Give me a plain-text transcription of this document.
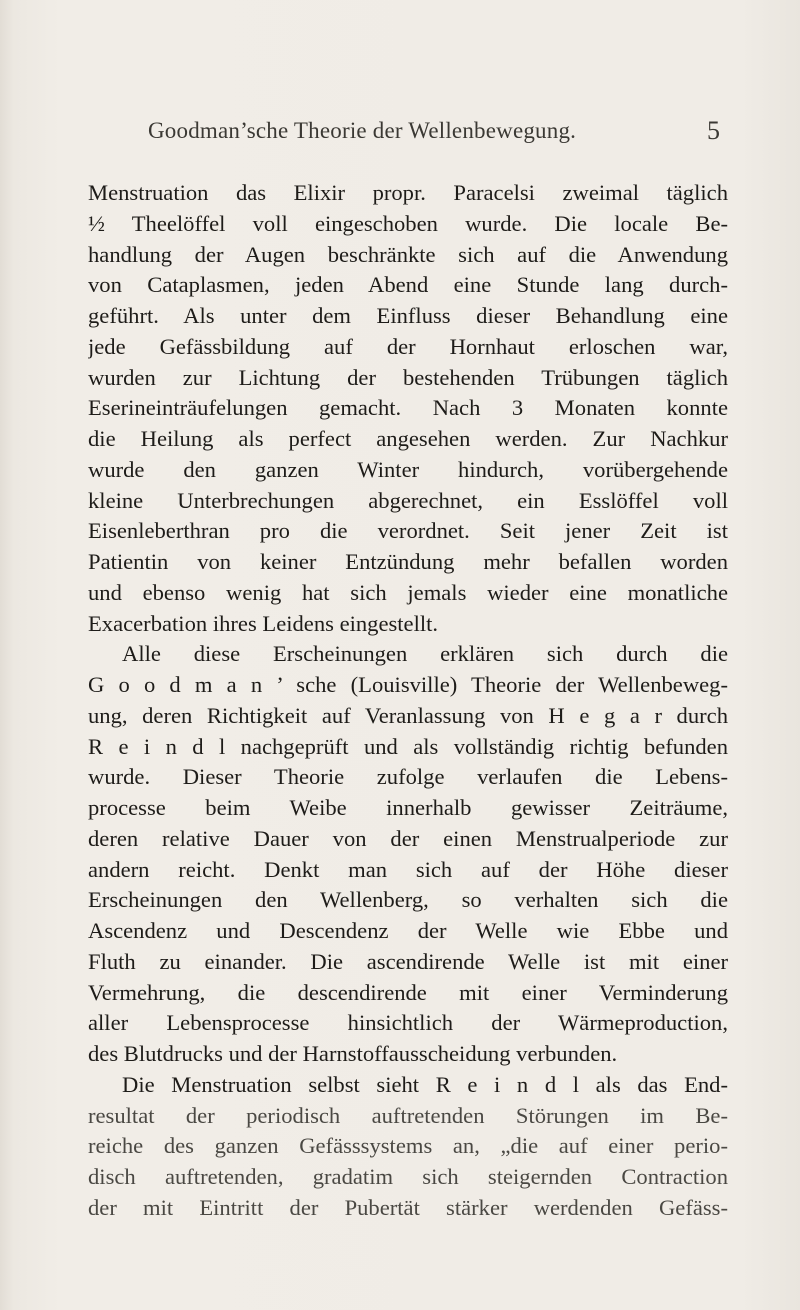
Goodman’sche Theorie der Wellenbewegung.	5
Menstruation das Elixir propr. Paracelsi zweimal täglich
½ Theelöffel voll eingeschoben wurde. Die locale Be-
handlung der Augen beschränkte sich auf die Anwendung
von Cataplasmen, jeden Abend eine Stunde lang durch-
geführt. Als unter dem Einfluss dieser Behandlung eine
jede Gefässbildung auf der Hornhaut erloschen war,
wurden zur Lichtung der bestehenden Trübungen täglich
Eserineinträufelungen gemacht. Nach 3 Monaten konnte
die Heilung als perfect angesehen werden. Zur Nachkur
wurde den ganzen Winter hindurch, vorübergehende
kleine Unterbrechungen abgerechnet, ein Esslöffel voll
Eisenleberthran pro die verordnet. Seit jener Zeit ist
Patientin von keiner Entzündung mehr befallen worden
und ebenso wenig hat sich jemals wieder eine monatliche
Exacerbation ihres Leidens eingestellt.
Alle diese Erscheinungen erklären sich durch die
G o o d m a n ’ sche (Louisville) Theorie der Wellenbeweg-
ung, deren Richtigkeit auf Veranlassung von H e g a r durch
R e i n d l nachgeprüft und als vollständig richtig befunden
wurde. Dieser Theorie zufolge verlaufen die Lebens-
processe beim Weibe innerhalb gewisser Zeiträume,
deren relative Dauer von der einen Menstrualperiode zur
andern reicht. Denkt man sich auf der Höhe dieser
Erscheinungen den Wellenberg, so verhalten sich die
Ascendenz und Descendenz der Welle wie Ebbe und
Fluth zu einander. Die ascendirende Welle ist mit einer
Vermehrung, die descendirende mit einer Verminderung
aller Lebensprocesse hinsichtlich der Wärmeproduction,
des Blutdrucks und der Harnstoffausscheidung verbunden.
Die Menstruation selbst sieht R e i n d l als das End-
resultat der periodisch auftretenden Störungen im Be-
reiche des ganzen Gefässsystems an, „die auf einer perio-
disch auftretenden, gradatim sich steigernden Contraction
der mit Eintritt der Pubertät stärker werdenden Gefäss-
